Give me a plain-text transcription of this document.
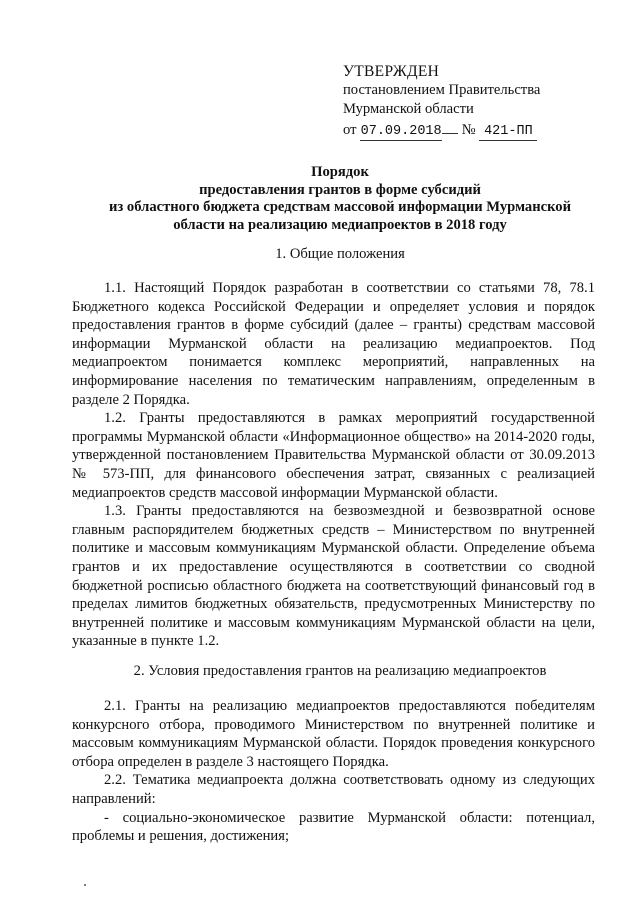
УТВЕРЖДЕН
постановлением Правительства
Мурманской области
от 07.09.2018 № 421-ПП
Порядок
предоставления грантов в форме субсидий
из областного бюджета средствам массовой информации Мурманской
области на реализацию медиапроектов в 2018 году
1. Общие положения

1.1. Настоящий Порядок разработан в соответствии со статьями 78, 78.1 Бюджетного кодекса Российской Федерации и определяет условия и порядок предоставления грантов в форме субсидий (далее – гранты) средствам массовой информации Мурманской области на реализацию медиапроектов. Под медиапроектом понимается комплекс мероприятий, направленных на информирование населения по тематическим направлениям, определенным в разделе 2 Порядка.

1.2. Гранты предоставляются в рамках мероприятий государственной программы Мурманской области «Информационное общество» на 2014-2020 годы, утвержденной постановлением Правительства Мурманской области от 30.09.2013 № 573-ПП, для финансового обеспечения затрат, связанных с реализацией медиапроектов средств массовой информации Мурманской области.

1.3. Гранты предоставляются на безвозмездной и безвозвратной основе главным распорядителем бюджетных средств – Министерством по внутренней политике и массовым коммуникациям Мурманской области. Определение объема грантов и их предоставление осуществляются в соответствии со сводной бюджетной росписью областного бюджета на соответствующий финансовый год в пределах лимитов бюджетных обязательств, предусмотренных Министерству по внутренней политике и массовым коммуникациям Мурманской области на цели, указанные в пункте 1.2.

2. Условия предоставления грантов на реализацию медиапроектов

2.1. Гранты на реализацию медиапроектов предоставляются победителям конкурсного отбора, проводимого Министерством по внутренней политике и массовым коммуникациям Мурманской области. Порядок проведения конкурсного отбора определен в разделе 3 настоящего Порядка.

2.2. Тематика медиапроекта должна соответствовать одному из следующих направлений:

- социально-экономическое развитие Мурманской области: потенциал, проблемы и решения, достижения;
